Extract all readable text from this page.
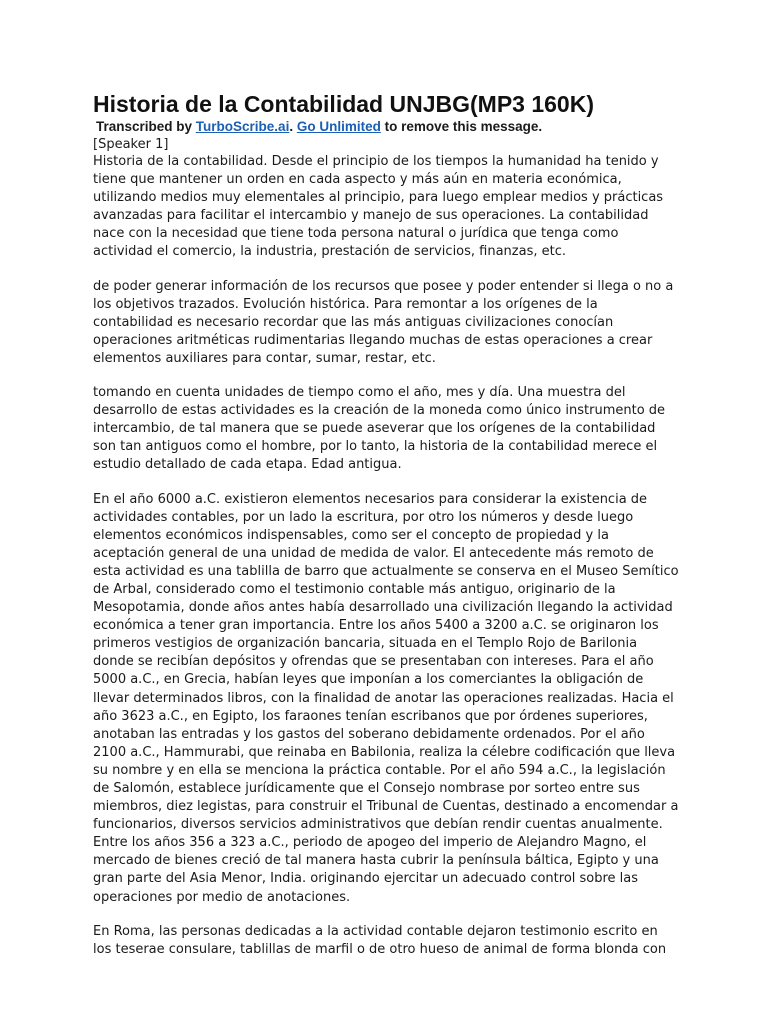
Historia de la Contabilidad UNJBG(MP3 160K)

Transcribed by TurboScribe.ai. Go Unlimited to remove this message.

[Speaker 1]

Historia de la contabilidad. Desde el principio de los tiempos la humanidad ha tenido y tiene que mantener un orden en cada aspecto y más aún en materia económica, utilizando medios muy elementales al principio, para luego emplear medios y prácticas avanzadas para facilitar el intercambio y manejo de sus operaciones. La contabilidad nace con la necesidad que tiene toda persona natural o jurídica que tenga como actividad el comercio, la industria, prestación de servicios, finanzas, etc.

de poder generar información de los recursos que posee y poder entender si llega o no a los objetivos trazados. Evolución histórica. Para remontar a los orígenes de la contabilidad es necesario recordar que las más antiguas civilizaciones conocían operaciones aritméticas rudimentarias llegando muchas de estas operaciones a crear elementos auxiliares para contar, sumar, restar, etc.

tomando en cuenta unidades de tiempo como el año, mes y día. Una muestra del desarrollo de estas actividades es la creación de la moneda como único instrumento de intercambio, de tal manera que se puede aseverar que los orígenes de la contabilidad son tan antiguos como el hombre, por lo tanto, la historia de la contabilidad merece el estudio detallado de cada etapa. Edad antigua.

En el año 6000 a.C. existieron elementos necesarios para considerar la existencia de actividades contables, por un lado la escritura, por otro los números y desde luego elementos económicos indispensables, como ser el concepto de propiedad y la aceptación general de una unidad de medida de valor. El antecedente más remoto de esta actividad es una tablilla de barro que actualmente se conserva en el Museo Semítico de Arbal, considerado como el testimonio contable más antiguo, originario de la Mesopotamia, donde años antes había desarrollado una civilización llegando la actividad económica a tener gran importancia. Entre los años 5400 a 3200 a.C. se originaron los primeros vestigios de organización bancaria, situada en el Templo Rojo de Barilonia donde se recibían depósitos y ofrendas que se presentaban con intereses. Para el año 5000 a.C., en Grecia, habían leyes que imponían a los comerciantes la obligación de llevar determinados libros, con la finalidad de anotar las operaciones realizadas. Hacia el año 3623 a.C., en Egipto, los faraones tenían escribanos que por órdenes superiores, anotaban las entradas y los gastos del soberano debidamente ordenados. Por el año 2100 a.C., Hammurabi, que reinaba en Babilonia, realiza la célebre codificación que lleva su nombre y en ella se menciona la práctica contable. Por el año 594 a.C., la legislación de Salomón, establece jurídicamente que el Consejo nombrase por sorteo entre sus miembros, diez legistas, para construir el Tribunal de Cuentas, destinado a encomendar a funcionarios, diversos servicios administrativos que debían rendir cuentas anualmente. Entre los años 356 a 323 a.C., periodo de apogeo del imperio de Alejandro Magno, el mercado de bienes creció de tal manera hasta cubrir la península báltica, Egipto y una gran parte del Asia Menor, India. originando ejercitar un adecuado control sobre las operaciones por medio de anotaciones.

En Roma, las personas dedicadas a la actividad contable dejaron testimonio escrito en los teserae consulare, tablillas de marfil o de otro hueso de animal de forma blonda con
